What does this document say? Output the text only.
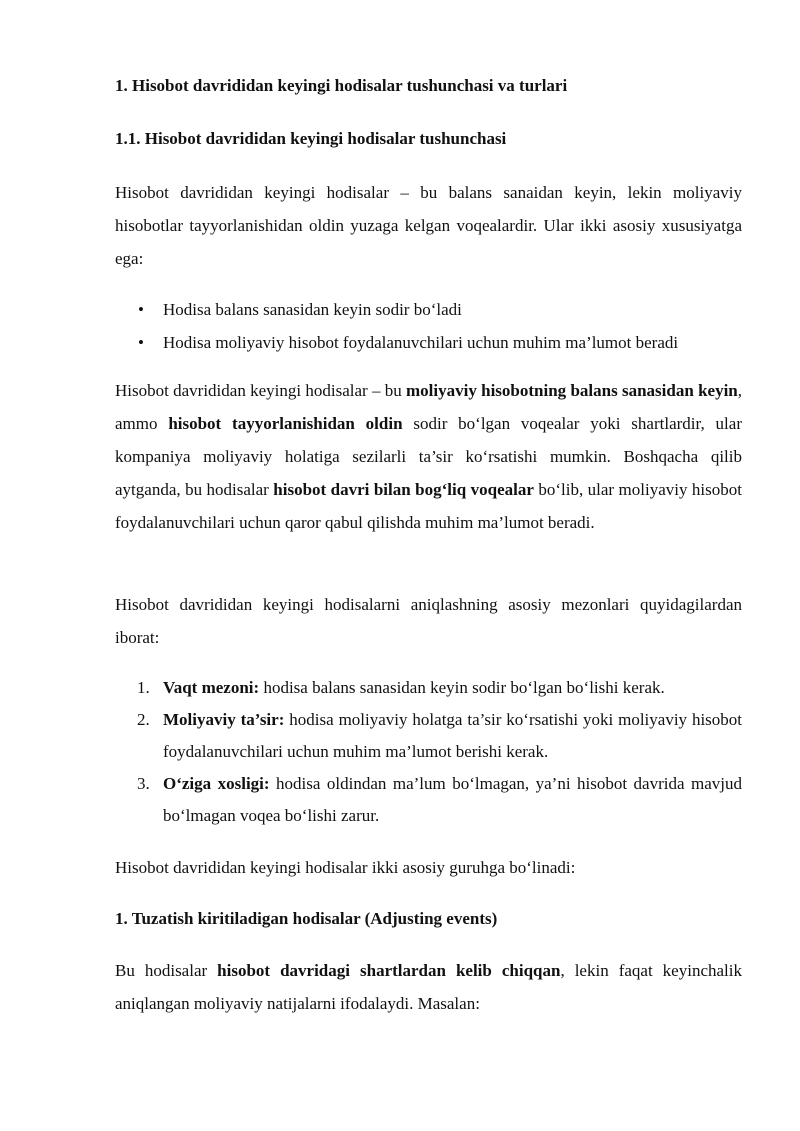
1. Hisobot davrididan keyingi hodisalar tushunchasi va turlari
1.1. Hisobot davrididan keyingi hodisalar tushunchasi

Hisobot davrididan keyingi hodisalar – bu balans sanaidan keyin, lekin moliyaviy hisobotlar tayyorlanishidan oldin yuzaga kelgan voqealardir. Ular ikki asosiy xususiyatga ega:

• Hodisa balans sanasidan keyin sodir bo‘ladi
• Hodisa moliyaviy hisobot foydalanuvchilari uchun muhim ma’lumot beradi

Hisobot davrididan keyingi hodisalar – bu moliyaviy hisobotning balans sanasidan keyin, ammo hisobot tayyorlanishidan oldin sodir bo‘lgan voqealar yoki shartlardir, ular kompaniya moliyaviy holatiga sezilarli ta’sir ko‘rsatishi mumkin. Boshqacha qilib aytganda, bu hodisalar hisobot davri bilan bog‘liq voqealar bo‘lib, ular moliyaviy hisobot foydalanuvchilari uchun qaror qabul qilishda muhim ma’lumot beradi.

Hisobot davrididan keyingi hodisalarni aniqlashning asosiy mezonlari quyidagilardan iborat:

1. Vaqt mezoni: hodisa balans sanasidan keyin sodir bo‘lgan bo‘lishi kerak.
2. Moliyaviy ta’sir: hodisa moliyaviy holatga ta’sir ko‘rsatishi yoki moliyaviy hisobot foydalanuvchilari uchun muhim ma’lumot berishi kerak.
3. O‘ziga xosligi: hodisa oldindan ma’lum bo‘lmagan, ya’ni hisobot davrida mavjud bo‘lmagan voqea bo‘lishi zarur.

Hisobot davrididan keyingi hodisalar ikki asosiy guruhga bo‘linadi:

1. Tuzatish kiritiladigan hodisalar (Adjusting events)

Bu hodisalar hisobot davridagi shartlardan kelib chiqqan, lekin faqat keyinchalik aniqlangan moliyaviy natijalarni ifodalaydi. Masalan:
